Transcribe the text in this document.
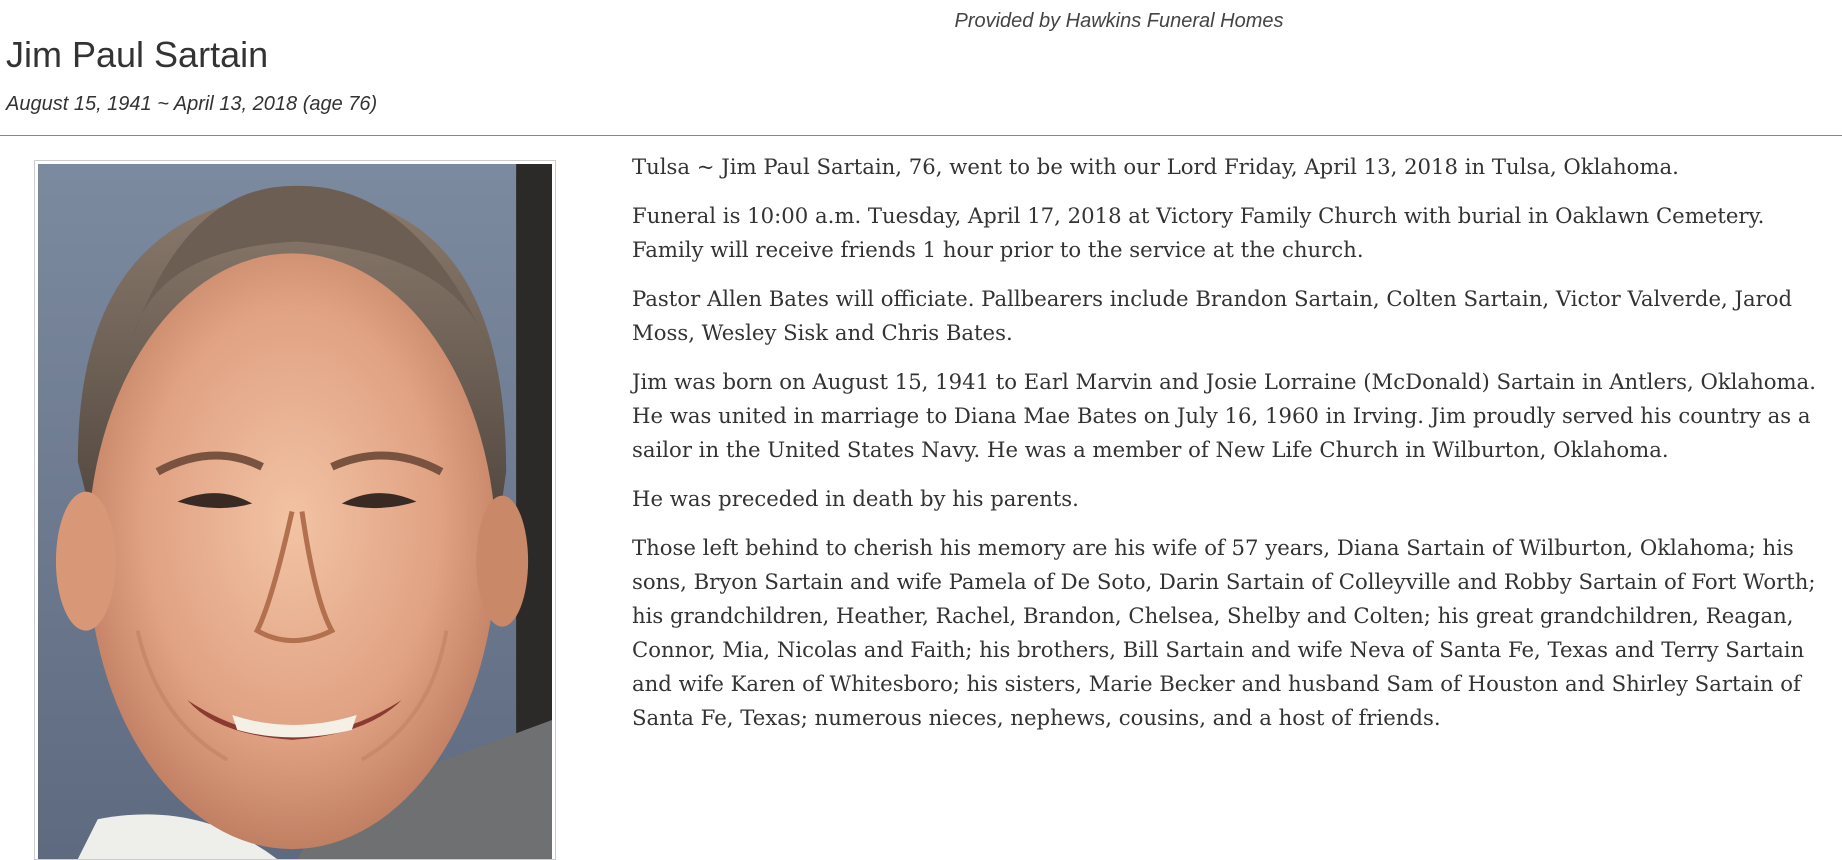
Provided by Hawkins Funeral Homes
Jim Paul Sartain
August 15, 1941 ~ April 13, 2018 (age 76)

Tulsa ~ Jim Paul Sartain, 76, went to be with our Lord Friday, April 13, 2018 in Tulsa, Oklahoma.

Funeral is 10:00 a.m. Tuesday, April 17, 2018 at Victory Family Church with burial in Oaklawn Cemetery. Family will receive friends 1 hour prior to the service at the church.

Pastor Allen Bates will officiate. Pallbearers include Brandon Sartain, Colten Sartain, Victor Valverde, Jarod Moss, Wesley Sisk and Chris Bates.

Jim was born on August 15, 1941 to Earl Marvin and Josie Lorraine (McDonald) Sartain in Antlers, Oklahoma. He was united in marriage to Diana Mae Bates on July 16, 1960 in Irving. Jim proudly served his country as a sailor in the United States Navy. He was a member of New Life Church in Wilburton, Oklahoma.

He was preceded in death by his parents.

Those left behind to cherish his memory are his wife of 57 years, Diana Sartain of Wilburton, Oklahoma; his sons, Bryon Sartain and wife Pamela of De Soto, Darin Sartain of Colleyville and Robby Sartain of Fort Worth; his grandchildren, Heather, Rachel, Brandon, Chelsea, Shelby and Colten; his great grandchildren, Reagan, Connor, Mia, Nicolas and Faith; his brothers, Bill Sartain and wife Neva of Santa Fe, Texas and Terry Sartain and wife Karen of Whitesboro; his sisters, Marie Becker and husband Sam of Houston and Shirley Sartain of Santa Fe, Texas; numerous nieces, nephews, cousins, and a host of friends.
